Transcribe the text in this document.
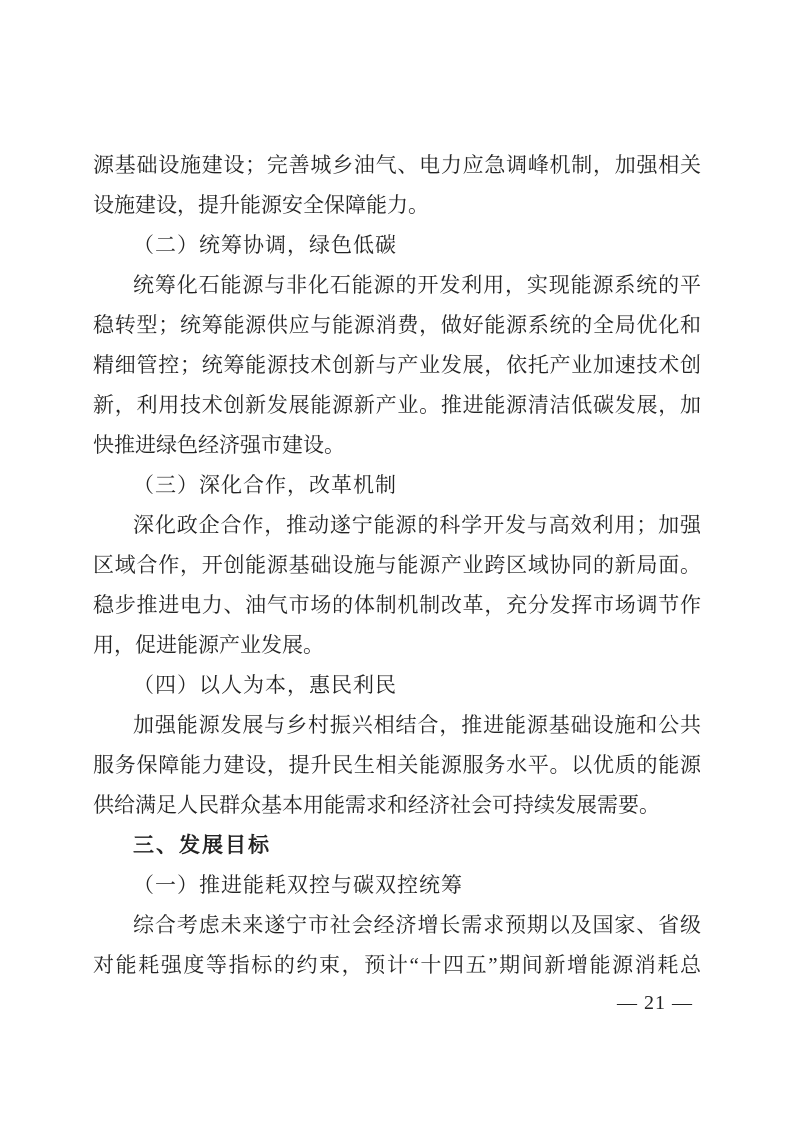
源基础设施建设；完善城乡油气、电力应急调峰机制，加强相关
设施建设，提升能源安全保障能力。
（二）统筹协调，绿色低碳
统筹化石能源与非化石能源的开发利用，实现能源系统的平
稳转型；统筹能源供应与能源消费，做好能源系统的全局优化和
精细管控；统筹能源技术创新与产业发展，依托产业加速技术创
新，利用技术创新发展能源新产业。推进能源清洁低碳发展，加
快推进绿色经济强市建设。
（三）深化合作，改革机制
深化政企合作，推动遂宁能源的科学开发与高效利用；加强
区域合作，开创能源基础设施与能源产业跨区域协同的新局面。
稳步推进电力、油气市场的体制机制改革，充分发挥市场调节作
用，促进能源产业发展。
（四）以人为本，惠民利民
加强能源发展与乡村振兴相结合，推进能源基础设施和公共
服务保障能力建设，提升民生相关能源服务水平。以优质的能源
供给满足人民群众基本用能需求和经济社会可持续发展需要。
三、发展目标
（一）推进能耗双控与碳双控统筹
综合考虑未来遂宁市社会经济增长需求预期以及国家、省级
对能耗强度等指标的约束，预计“十四五”期间新增能源消耗总
— 21 —
